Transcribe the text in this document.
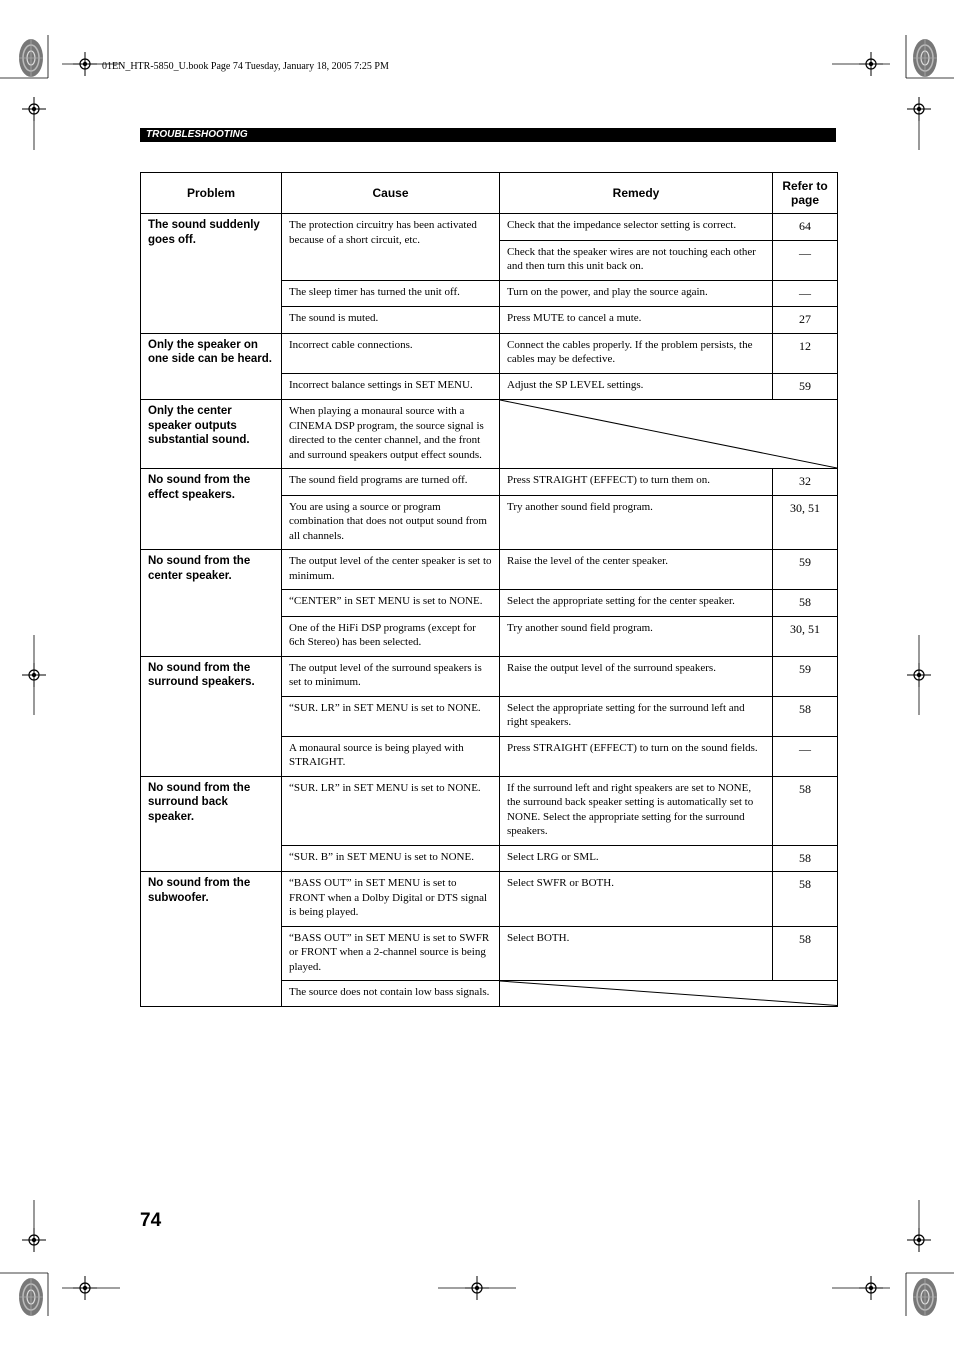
01EN_HTR-5850_U.book Page 74 Tuesday, January 18, 2005 7:25 PM
TROUBLESHOOTING
Problem	Cause	Remedy	Refer to page
The sound suddenly goes off.	The protection circuitry has been activated because of a short circuit, etc.	Check that the impedance selector setting is correct.	64
		Check that the speaker wires are not touching each other and then turn this unit back on.	—
	The sleep timer has turned the unit off.	Turn on the power, and play the source again.	—
	The sound is muted.	Press MUTE to cancel a mute.	27
Only the speaker on one side can be heard.	Incorrect cable connections.	Connect the cables properly. If the problem persists, the cables may be defective.	12
	Incorrect balance settings in SET MENU.	Adjust the SP LEVEL settings.	59
Only the center speaker outputs substantial sound.	When playing a monaural source with a CINEMA DSP program, the source signal is directed to the center channel, and the front and surround speakers output effect sounds.	

No sound from the effect speakers.	The sound field programs are turned off.	Press STRAIGHT (EFFECT) to turn them on.	32
	You are using a source or program combination that does not output sound from all channels.	Try another sound field program.	30, 51
No sound from the center speaker.	The output level of the center speaker is set to minimum.	Raise the level of the center speaker.	59
	“CENTER” in SET MENU is set to NONE.	Select the appropriate setting for the center speaker.	58
	One of the HiFi DSP programs (except for 6ch Stereo) has been selected.	Try another sound field program.	30, 51
No sound from the surround speakers.	The output level of the surround speakers is set to minimum.	Raise the output level of the surround speakers.	59
	“SUR. LR” in SET MENU is set to NONE.	Select the appropriate setting for the surround left and right speakers.	58
	A monaural source is being played with STRAIGHT.	Press STRAIGHT (EFFECT) to turn on the sound fields.	—
No sound from the surround back speaker.	“SUR. LR” in SET MENU is set to NONE.	If the surround left and right speakers are set to NONE, the surround back speaker setting is automatically set to NONE. Select the appropriate setting for the surround speakers.	58
	“SUR. B” in SET MENU is set to NONE.	Select LRG or SML.	58
No sound from the subwoofer.	“BASS OUT” in SET MENU is set to FRONT when a Dolby Digital or DTS signal is being played.	Select SWFR or BOTH.	58
	“BASS OUT” in SET MENU is set to SWFR or FRONT when a 2-channel source is being played.	Select BOTH.	58
	The source does not contain low bass signals.	
74
